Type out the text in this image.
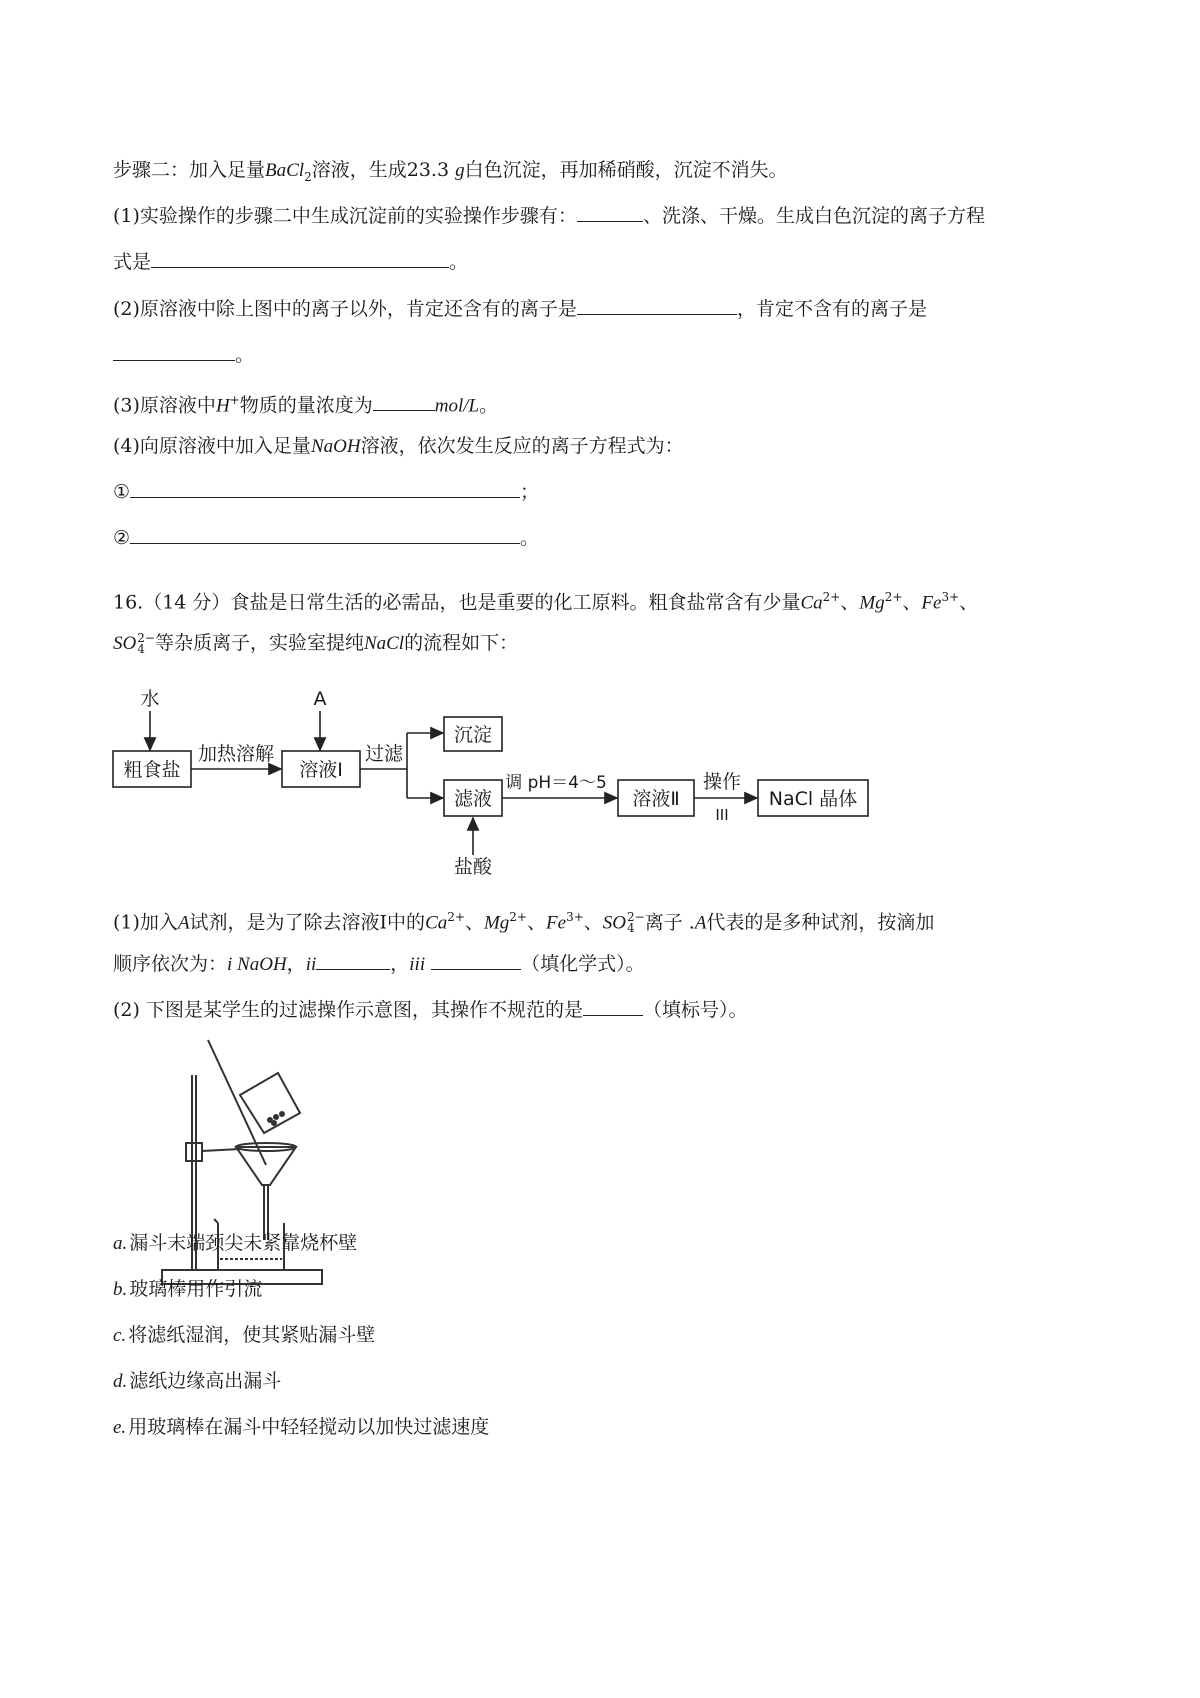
步骤二：加入足量BaCl$_2$溶液，生成23.3 g白色沉淀，再加稀硝酸，沉淀不消失。
(1)实验操作的步骤二中生成沉淀前的实验操作步骤有：	、洗涤、干燥。生成白色沉淀的离子方程
式是	。
(2)原溶液中除上图中的离子以外，肯定还含有的离子是	，肯定不含有的离子是
。
(3)原溶液中H+物质的量浓度为	mol/L。
(4)向原溶液中加入足量NaOH溶液，依次发生反应的离子方程式为：
①	；
②	。
16.（14 分）食盐是日常生活的必需品，也是重要的化工原料。粗食盐常含有少量$Ca^{2+}$、$Mg^{2+}$、$Fe^{3+}$、
SO 2−
4 等杂质离子，实验室提纯NaCl的流程如下：
水
粗食盐
加热溶解
A
溶液Ⅰ
过滤
沉淀
滤液
盐酸
调 pH＝4～5
溶液Ⅱ
操作
III
NaCl 晶体
(1)加入A试剂，是为了除去溶液Ⅰ中的$Ca^{2+}$、$Mg^{2+}$、$Fe^{3+}$、SO 2−
4 离子 .A代表的是多种试剂，按滴加
顺序依次为：i NaOH，ii	，iii	（填化学式）。
(2) 下图是某学生的过滤操作示意图，其操作不规范的是	（填标号）。
a. 漏斗末端颈尖未紧靠烧杯壁
b. 玻璃棒用作引流
c. 将滤纸湿润，使其紧贴漏斗壁
d. 滤纸边缘高出漏斗
e. 用玻璃棒在漏斗中轻轻搅动以加快过滤速度
